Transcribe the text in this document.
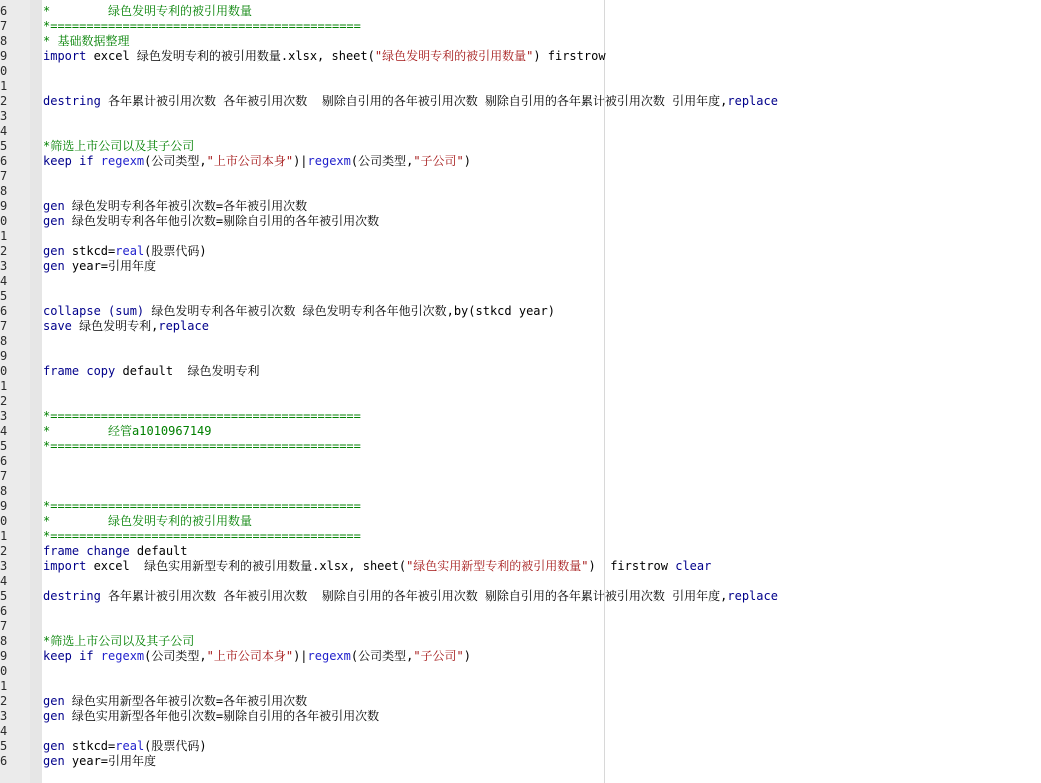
6
7
8
9
0
1
2
3
4
5
6
7
8
9
0
1
2
3
4
5
6
7
8
9
0
1
2
3
4
5
6
7
8
9
0
1
2
3
4
5
6
7
8
9
0
1
2
3
4
5
6
*        绿色发明专利的被引用数量
*===========================================
* 基础数据整理
import excel 绿色发明专利的被引用数量.xlsx, sheet("绿色发明专利的被引用数量") firstrow
destring 各年累计被引用次数 各年被引用次数  剔除自引用的各年被引用次数 剔除自引用的各年累计被引用次数 引用年度,replace
*筛选上市公司以及其子公司
keep if regexm(公司类型,"上市公司本身")|regexm(公司类型,"子公司")
gen 绿色发明专利各年被引次数=各年被引用次数
gen 绿色发明专利各年他引次数=剔除自引用的各年被引用次数
gen stkcd=real(股票代码)
gen year=引用年度
collapse (sum) 绿色发明专利各年被引次数 绿色发明专利各年他引次数,by(stkcd year)
save 绿色发明专利,replace
frame copy default  绿色发明专利
*===========================================
*        经管a1010967149
*===========================================
*===========================================
*        绿色发明专利的被引用数量
*===========================================
frame change default
import excel  绿色实用新型专利的被引用数量.xlsx, sheet("绿色实用新型专利的被引用数量")  firstrow clear
destring 各年累计被引用次数 各年被引用次数  剔除自引用的各年被引用次数 剔除自引用的各年累计被引用次数 引用年度,replace
*筛选上市公司以及其子公司
keep if regexm(公司类型,"上市公司本身")|regexm(公司类型,"子公司")
gen 绿色实用新型各年被引次数=各年被引用次数
gen 绿色实用新型各年他引次数=剔除自引用的各年被引用次数
gen stkcd=real(股票代码)
gen year=引用年度
